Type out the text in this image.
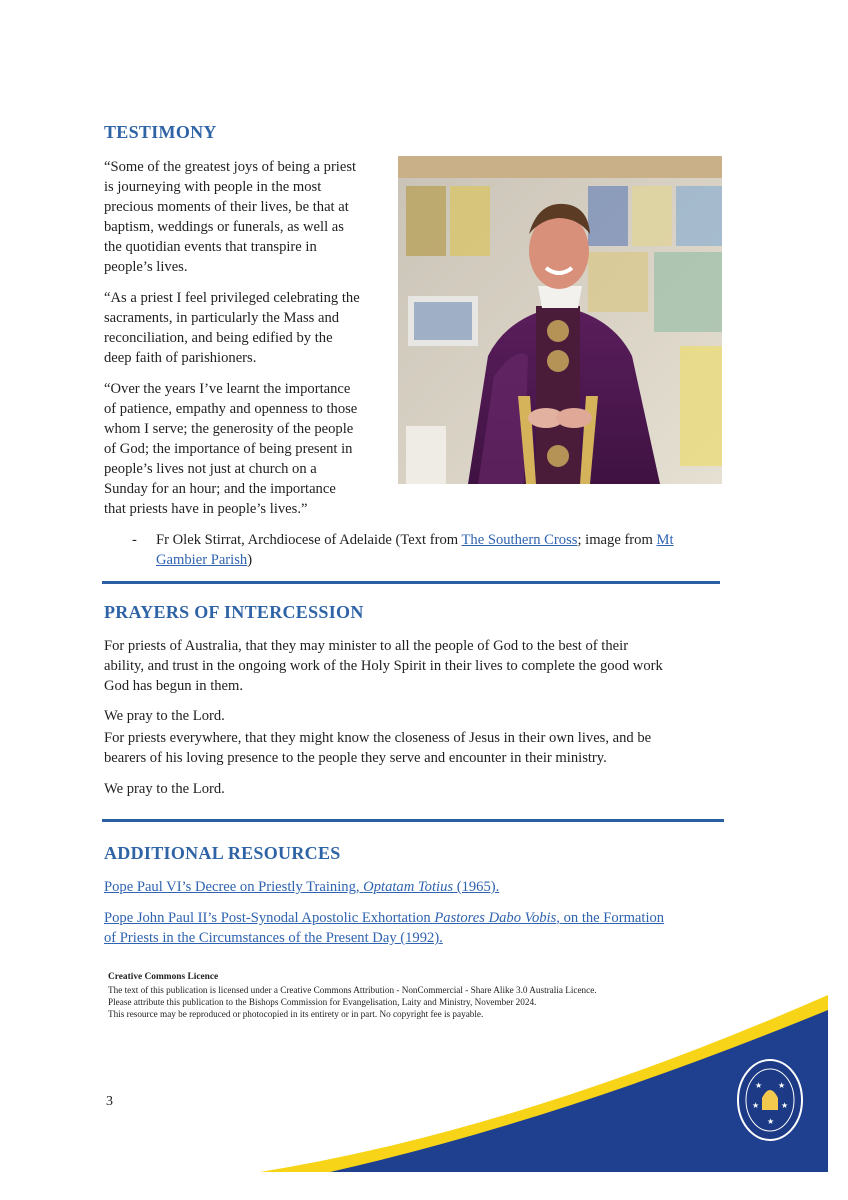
TESTIMONY

“Some of the greatest joys of being a priest

is journeying with people in the most

precious moments of their lives, be that at

baptism, weddings or funerals, as well as

the quotidian events that transpire in

people’s lives.

“As a priest I feel privileged celebrating the

sacraments, in particularly the Mass and

reconciliation, and being edified by the

deep faith of parishioners.

“Over the years I’ve learnt the importance

of patience, empathy and openness to those

whom I serve; the generosity of the people

of God; the importance of being present in

people’s lives not just at church on a

Sunday for an hour; and the importance

that priests have in people’s lives.”

- Fr Olek Stirrat, Archdiocese of Adelaide (Text from The Southern Cross; image from Mt

Gambier Parish)

PRAYERS OF INTERCESSION

For priests of Australia, that they may minister to all the people of God to the best of their

ability, and trust in the ongoing work of the Holy Spirit in their lives to complete the good work

God has begun in them.

We pray to the Lord.

For priests everywhere, that they might know the closeness of Jesus in their own lives, and be

bearers of his loving presence to the people they serve and encounter in their ministry.

We pray to the Lord.

ADDITIONAL RESOURCES

Pope Paul VI’s Decree on Priestly Training, Optatam Totius (1965).

Pope John Paul II’s Post-Synodal Apostolic Exhortation Pastores Dabo Vobis, on the Formation

of Priests in the Circumstances of the Present Day (1992).

★ ★
★	★
★

Creative Commons Licence

The text of this publication is licensed under a Creative Commons Attribution - NonCommercial - Share Alike 3.0 Australia Licence.

Please attribute this publication to the Bishops Commission for Evangelisation, Laity and Ministry, November 2024.

This resource may be reproduced or photocopied in its entirety or in part. No copyright fee is payable.

3
